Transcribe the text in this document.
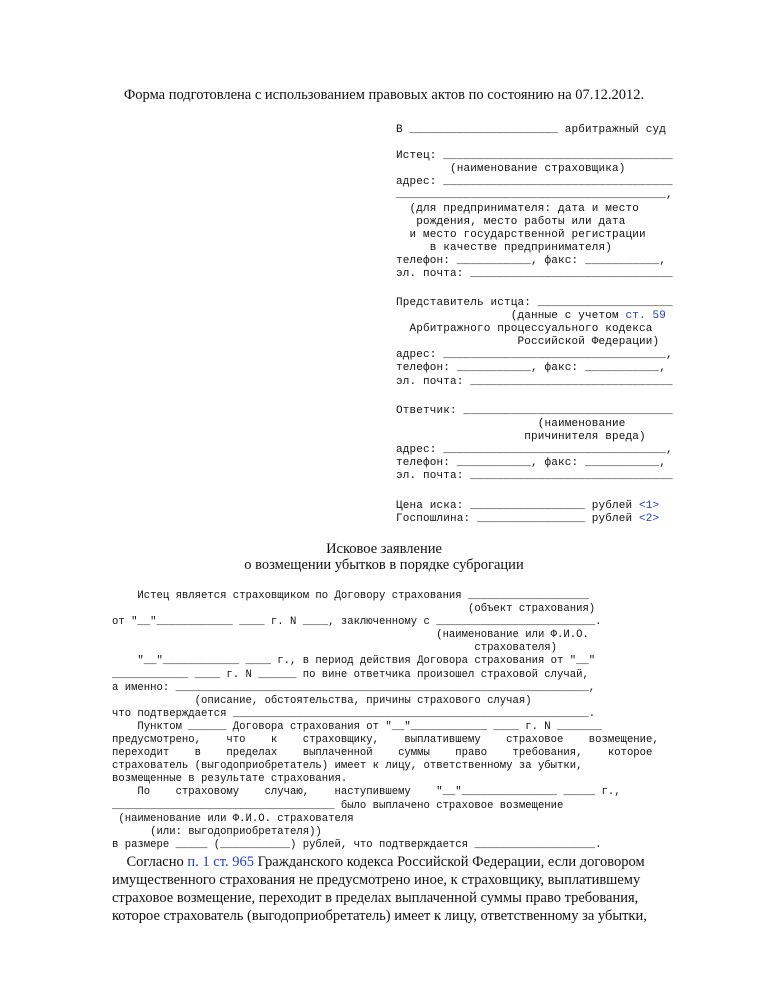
Форма подготовлена с использованием правовых актов по состоянию на 07.12.2012.
В ______________________ арбитражный суд
Истец: __________________________________
(наименование страховщика)
адрес: __________________________________
________________________________________,
(для предпринимателя: дата и место
рождения, место работы или дата
и место государственной регистрации
в качестве предпринимателя)
телефон: ___________, факс: ___________,
эл. почта: ______________________________
Представитель истца: ____________________
(данные с учетом ст. 59
Арбитражного процессуального кодекса
Российской Федерации)
адрес: _________________________________,
телефон: ___________, факс: ___________,
эл. почта: ______________________________
Ответчик: _______________________________
(наименование
причинителя вреда)
адрес: _________________________________,
телефон: ___________, факс: ___________,
эл. почта: ______________________________
Цена иска: _________________ рублей <1>
Госпошлина: ________________ рублей <2>
Исковое заявление
о возмещении убытков в порядке суброгации
Истец является страховщиком по Договору страхования ___________________
(объект страхования)
от "__"____________ ____ г. N ____, заключенному с _________________________.
(наименование или Ф.И.О.
страхователя)
"__"____________ ____ г., в период действия Договора страхования от "__"
____________ ____ г. N ______ по вине ответчика произошел страховой случай,
а именно: _________________________________________________________________,
(описание, обстоятельства, причины страхового случая)
что подтверждается ________________________________________________________.
Пунктом ______ Договора страхования от "__"____________ ____ г. N _______
предусмотрено,    что    к    страховщику,    выплатившему    страховое    возмещение,
переходит    в    пределах    выплаченной    суммы    право    требования,    которое
страхователь (выгодоприобретатель) имеет к лицу, ответственному за убытки,
возмещенные в результате страхования.
По    страховому    случаю,    наступившему    "__"_______________ _____ г.,
___________________________________ было выплачено страховое возмещение
(наименование или Ф.И.О. страхователя
(или: выгодоприобретателя))
в размере _____ (___________) рублей, что подтверждается ___________________.
Согласно п. 1 ст. 965 Гражданского кодекса Российской Федерации, если договором
имущественного страхования не предусмотрено иное, к страховщику, выплатившему
страховое возмещение, переходит в пределах выплаченной суммы право требования,
которое страхователь (выгодоприобретатель) имеет к лицу, ответственному за убытки,
